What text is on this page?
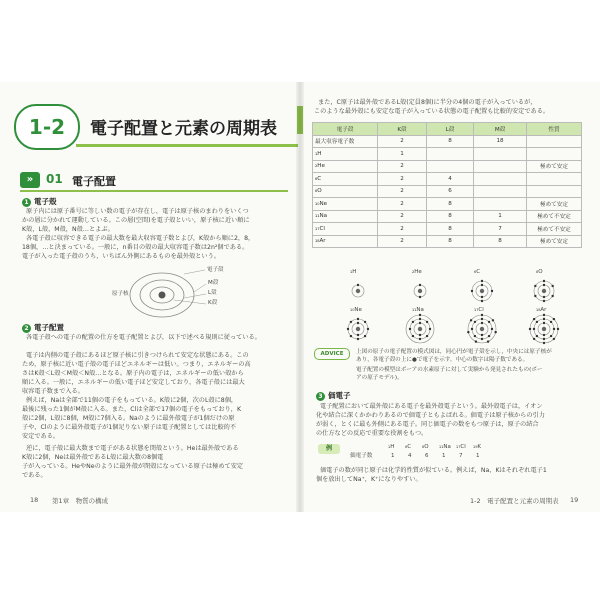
1-2	電子配置と元素の周期表
»	01 電子配置
1 電子殻
原子内には原子番号に等しい数の電子が存在し，電子は原子核のまわりをいくつ
かの層に分かれて運動している。この層(空間)を電子殻といい，原子核に近い順に
K殻，L殻，M殻，N殻…とよぶ。
各電子殻に収容できる電子の最大数を最大収容電子数とよび，K殻から順に2，8，
18個，…と決まっている。一般に，n番目の殻の最大収容電子数は2n²個である。
電子が入った電子殻のうち，いちばん外側にあるものを最外殻という。
電子殻
原子核
M殻
L殻
K殻
2 電子配置
各電子殻への電子の配置の仕方を電子配置とよび，以下で述べる規則に従っている。
電子は内側の電子殻にあるほど原子核に引きつけられて安定な状態にある。この
ため，原子核に近い電子殻の電子ほどエネルギーは低い。つまり，エネルギーの高
さはK殻＜L殻＜M殻＜N殻…となる。原子内の電子は，エネルギーの低い殻から
順に入る。一般に，エネルギーの低い電子ほど安定しており，各電子殻には最大
収容電子数まで入る。
例えば，Naは全部で11個の電子をもっている。K殻に2個，次のL殻に8個，
最後に残った1個がM殻に入る。また，Clは全部で17個の電子をもっており，K
殻に2個，L殻に8個，M殻に7個入る。Naのように最外殻電子が1個だけの原
子や，Clのように最外殻電子が1個足りない原子は電子配置としては比較的不
安定である。
逆に，電子殻に最大数まで電子がある状態を閉殻という。Heは最外殻である
K殻に2個，Neは最外殻であるL殻に最大数の8個電
子が入っている。HeやNeのように最外殻が閉殻になっている原子は極めて安定
である。
18 第1章　物質の構成
また，C原子は最外殻であるL殻(定員8個)に半分の4個の電子が入っているが，
このような最外殻にも安定な電子が入っている状態の電子配置も比較的安定である。
電子殻	K殻	L殻	M殻	性質
最大収容電子数	2	8	18	
₁H	1			
₂He	2			極めて安定
₆C	2	4		
₈O	2	6		
₁₀Ne	2	8		極めて安定
₁₁Na	2	8	1	極めて不安定
₁₇Cl	2	8	7	極めて不安定
₁₈Ar	2	8	8	極めて安定
₁H	₂He	₆C	₈O
₁₀Ne	₁₁Na	₁₇Cl	₁₈Ar
ADVICE	上図の原子の電子配置の模式図は，同心円が電子殻を示し，中央には原子核が
あり，各電子殻の上に●で電子を示す。中心の数字は陽子数である。
電子配置の模型はボーアの水素原子に対して実験から発見されたもの(ボー
アの原子モデル)。
3 価電子
電子配置において最外殻にある電子を最外殻電子という。最外殻電子は，イオン
化や結合に深くかかわりあるので価電子ともよばれる。価電子は原子核からの引力
が弱く，とくに最も外側にある電子。同じ価電子の数をもつ原子は，原子の結合
の仕方などの反応で重要な役割をもつ。
例	₁H ₆C ₈O ₁₁Na ₁₇Cl ₁₉K
価電子数	1 4 6 1 7 1
価電子の数が同じ原子は化学的性質が似ている。例えば，Na，Kはそれぞれ電子1
個を放出してNa⁺，K⁺になりやすい。
1-2　電子配置と元素の周期表 19
